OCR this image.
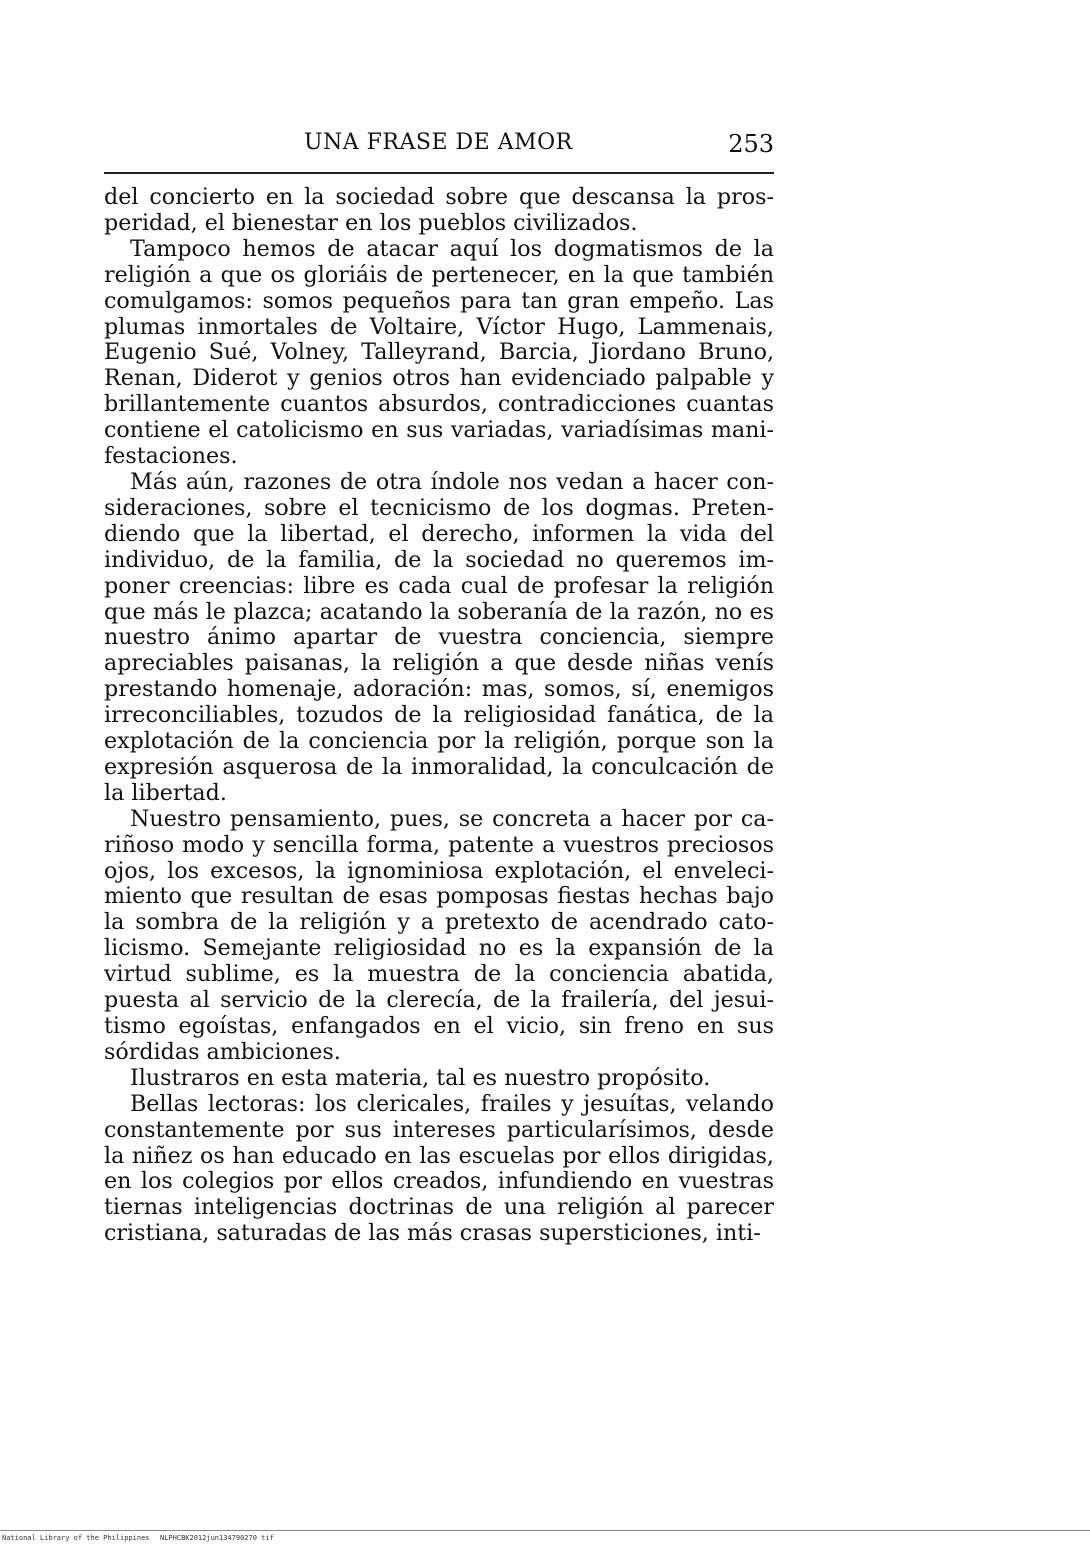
UNA FRASE DE AMOR	253

del concierto en la sociedad sobre que descansa la prosperidad, el bienestar en los pueblos civilizados.

Tampoco hemos de atacar aquí los dogmatismos de la religión a que os gloriáis de pertenecer, en la que también comulgamos: somos pequeños para tan gran empeño. Las plumas inmortales de Voltaire, Víctor Hugo, Lammenais, Eugenio Sué, Volney, Talleyrand, Barcia, Jiordano Bruno, Renan, Diderot y genios otros han evidenciado palpable y brillantemente cuantos absurdos, contradicciones cuantas contiene el catolicismo en sus variadas, variadísimas manifestaciones.

Más aún, razones de otra índole nos vedan a hacer consideraciones, sobre el tecnicismo de los dogmas. Pretendiendo que la libertad, el derecho, informen la vida del individuo, de la familia, de la sociedad no queremos imponer creencias: libre es cada cual de profesar la religión que más le plazca; acatando la soberanía de la razón, no es nuestro ánimo apartar de vuestra conciencia, siempre apreciables paisanas, la religión a que desde niñas venís prestando homenaje, adoración: mas, somos, sí, enemigos irreconciliables, tozudos de la religiosidad fanática, de la explotación de la conciencia por la religión, porque son la expresión asquerosa de la inmoralidad, la conculcación de la libertad.

Nuestro pensamiento, pues, se concreta a hacer por cariñoso modo y sencilla forma, patente a vuestros preciosos ojos, los excesos, la ignominiosa explotación, el envelecimiento que resultan de esas pomposas fiestas hechas bajo la sombra de la religión y a pretexto de acendrado catolicismo. Semejante religiosidad no es la expansión de la virtud sublime, es la muestra de la conciencia abatida, puesta al servicio de la clerecía, de la frailería, del jesuitismo egoístas, enfangados en el vicio, sin freno en sus sórdidas ambiciones.

Ilustraros en esta materia, tal es nuestro propósito.

Bellas lectoras: los clericales, frailes y jesuítas, velando constantemente por sus intereses particularísimos, desde la niñez os han educado en las escuelas por ellos dirigidas, en los colegios por ellos creados, infundiendo en vuestras tiernas inteligencias doctrinas de una religión al parecer cristiana, saturadas de las más crasas supersticiones, inti-

National Library of the Philippines NLPHCBK2012jun134790270 tif
